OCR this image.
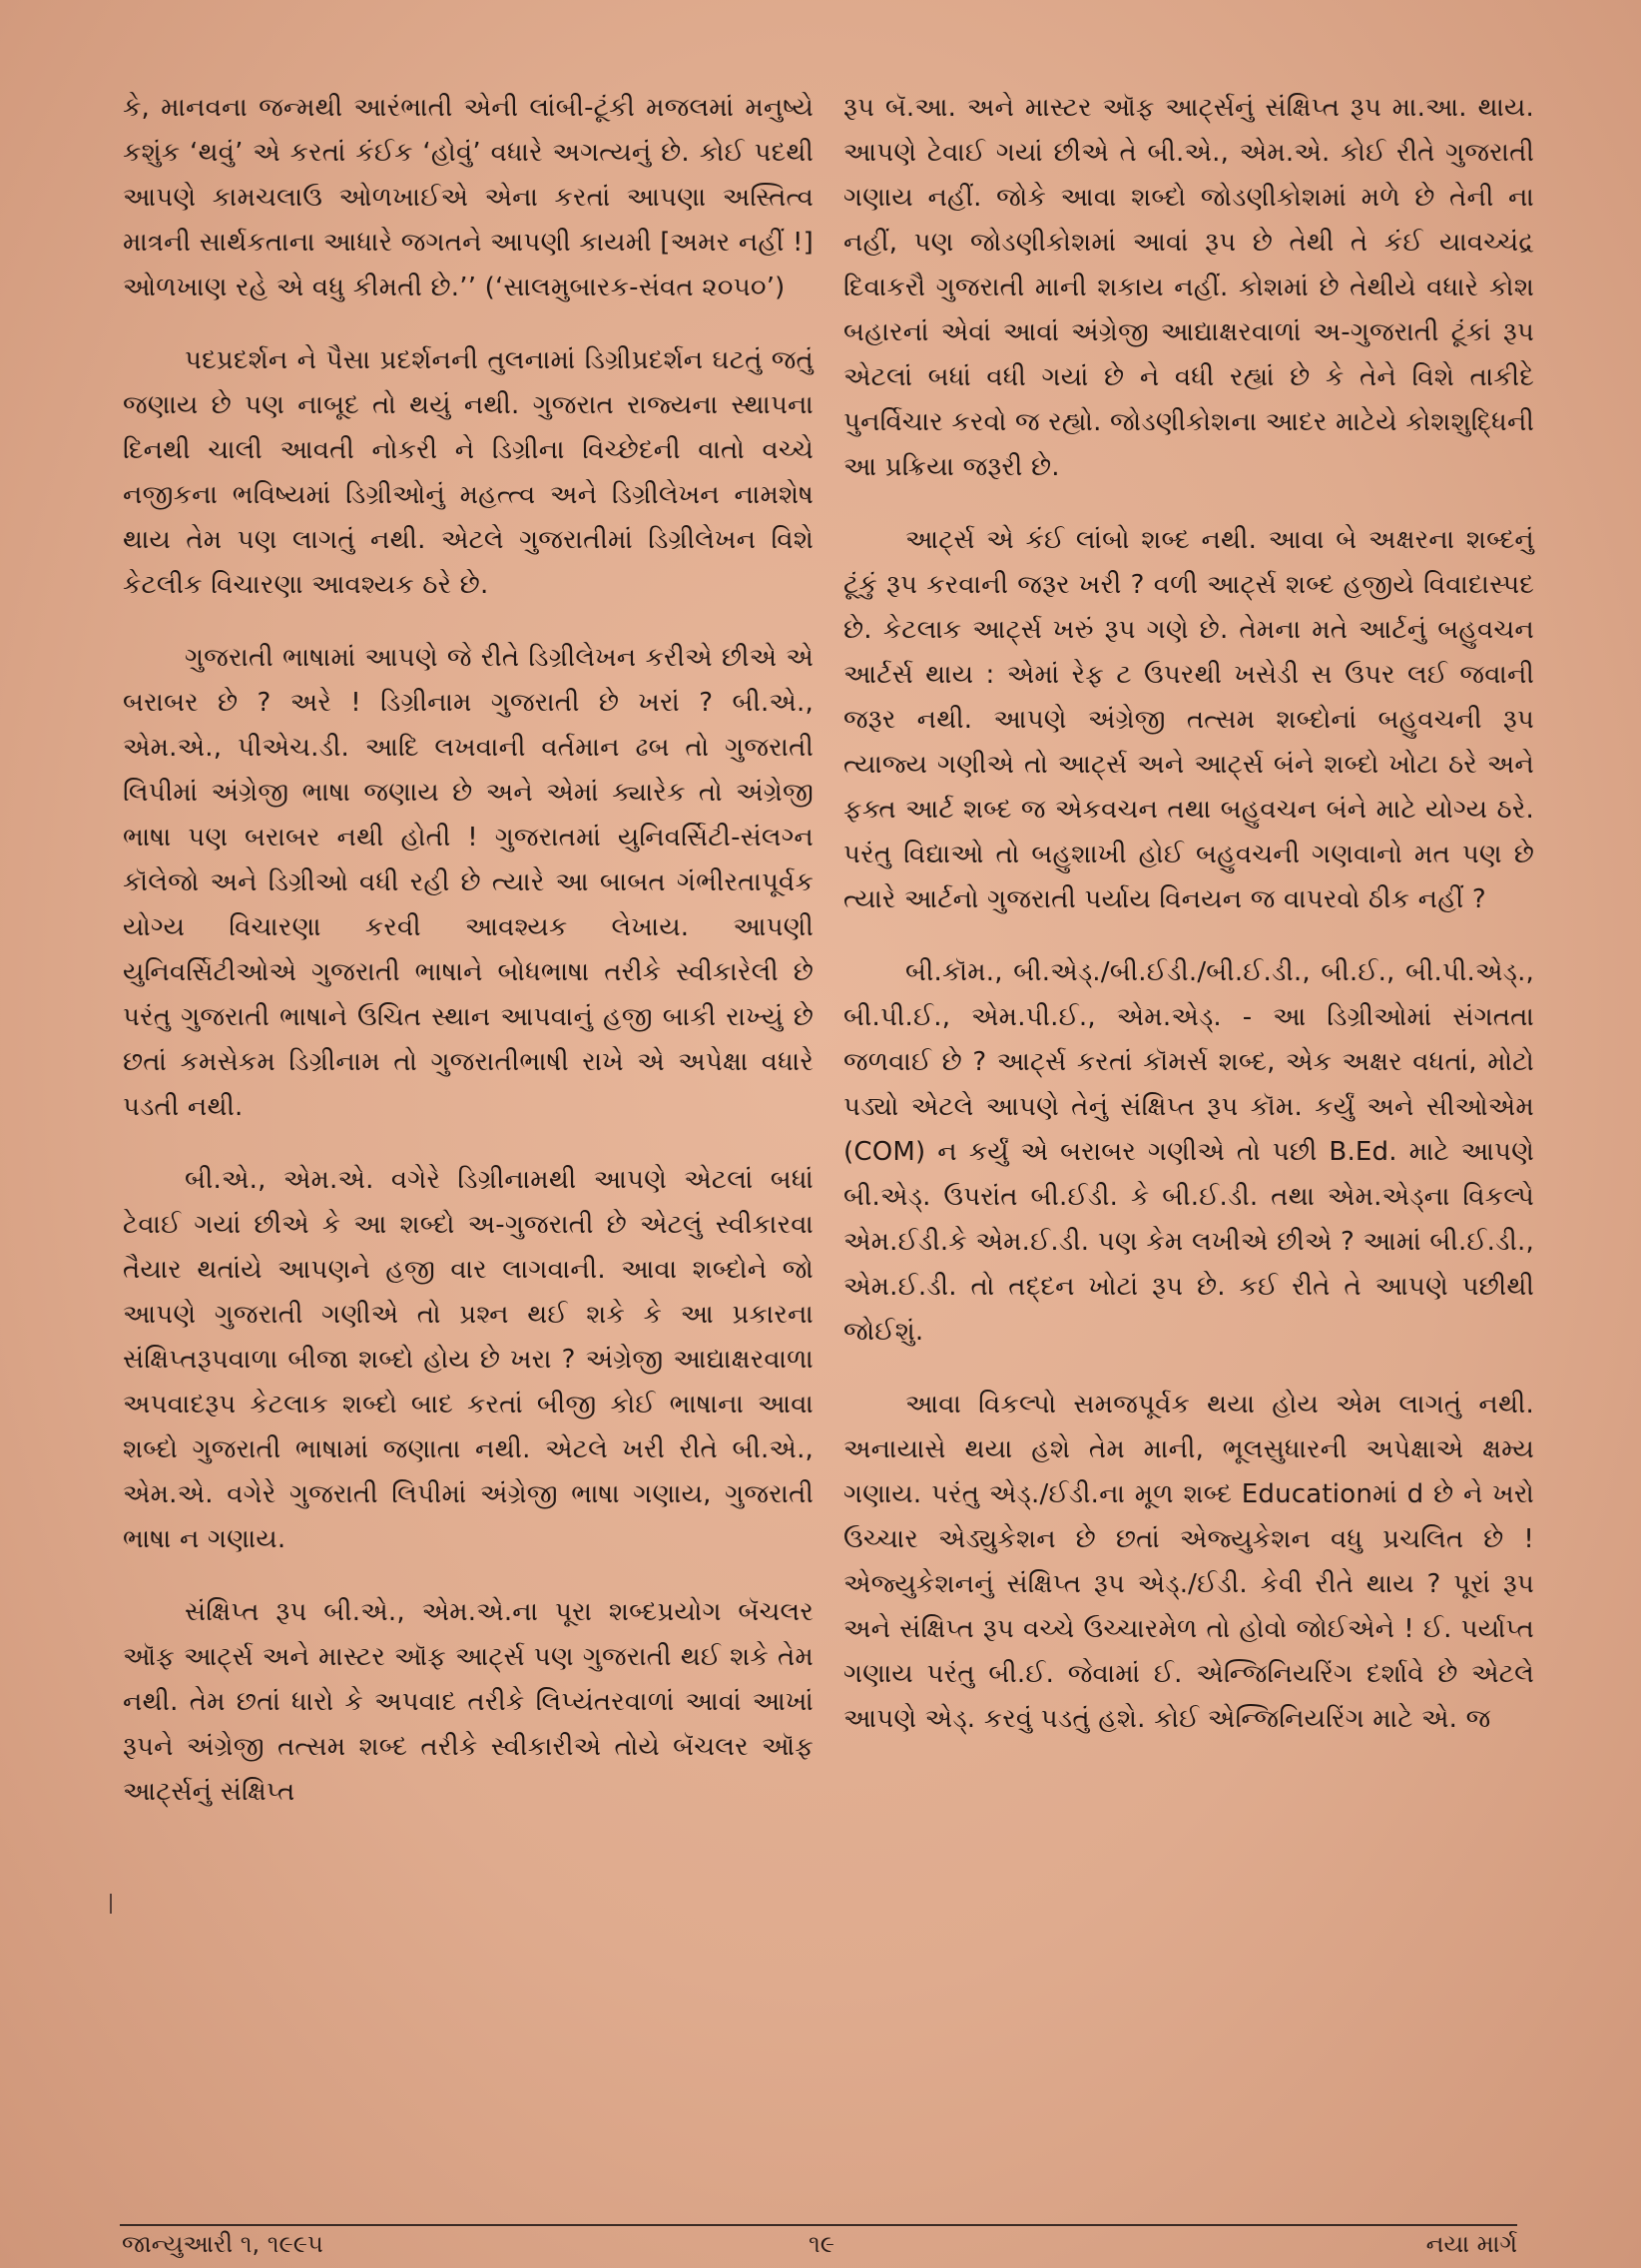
કે, માનવના જન્મથી આરંભાતી એની લાંબી-ટૂંકી મજલમાં મનુષ્યે કશુંક ‘થવું’ એ કરતાં કંઈક ‘હોવું’ વધારે અગત્યનું છે. કોઈ પદથી આપણે કામચલાઉ ઓળખાઈએ એના કરતાં આપણા અસ્તિત્વ માત્રની સાર્થકતાના આધારે જગતને આપણી કાયમી [અમર નહીં !] ઓળખાણ રહે એ વધુ કીમતી છે.’’ (‘સાલમુબારક-સંવત ૨૦૫૦’)

પદપ્રદર્શન ને પૈસા પ્રદર્શનની તુલનામાં ડિગ્રીપ્રદર્શન ઘટતું જતું જણાય છે પણ નાબૂદ તો થયું નથી. ગુજરાત રાજ્યના સ્થાપના દિનથી ચાલી આવતી નોકરી ને ડિગ્રીના વિચ્છેદની વાતો વચ્ચે નજીકના ભવિષ્યમાં ડિગ્રીઓનું મહત્ત્વ અને ડિગ્રીલેખન નામશેષ થાય તેમ પણ લાગતું નથી. એટલે ગુજરાતીમાં ડિગ્રીલેખન વિશે કેટલીક વિચારણા આવશ્યક ઠરે છે.

ગુજરાતી ભાષામાં આપણે જે રીતે ડિગ્રીલેખન કરીએ છીએ એ બરાબર છે ? અરે ! ડિગ્રીનામ ગુજરાતી છે ખરાં ? બી.એ., એમ.એ., પીએચ.ડી. આદિ લખવાની વર્તમાન ઢબ તો ગુજરાતી લિપીમાં અંગ્રેજી ભાષા જણાય છે અને એમાં ક્યારેક તો અંગ્રેજી ભાષા પણ બરાબર નથી હોતી ! ગુજરાતમાં યુનિવર્સિટી-સંલગ્ન કૉલેજો અને ડિગ્રીઓ વધી રહી છે ત્યારે આ બાબત ગંભીરતાપૂર્વક યોગ્ય વિચારણા કરવી આવશ્યક લેખાય. આપણી યુનિવર્સિટીઓએ ગુજરાતી ભાષાને બોધભાષા તરીકે સ્વીકારેલી છે પરંતુ ગુજરાતી ભાષાને ઉચિત સ્થાન આપવાનું હજી બાકી રાખ્યું છે છતાં કમસેકમ ડિગ્રીનામ તો ગુજરાતીભાષી રાખે એ અપેક્ષા વધારે પડતી નથી.

બી.એ., એમ.એ. વગેરે ડિગ્રીનામથી આપણે એટલાં બધાં ટેવાઈ ગયાં છીએ કે આ શબ્દો અ-ગુજરાતી છે એટલું સ્વીકારવા તૈયાર થતાંયે આપણને હજી વાર લાગવાની. આવા શબ્દોને જો આપણે ગુજરાતી ગણીએ તો પ્રશ્ન થઈ શકે કે આ પ્રકારના સંક્ષિપ્તરૂપવાળા બીજા શબ્દો હોય છે ખરા ? અંગ્રેજી આદ્યાક્ષરવાળા અપવાદરૂપ કેટલાક શબ્દો બાદ કરતાં બીજી કોઈ ભાષાના આવા શબ્દો ગુજરાતી ભાષામાં જણાતા નથી. એટલે ખરી રીતે બી.એ., એમ.એ. વગેરે ગુજરાતી લિપીમાં અંગ્રેજી ભાષા ગણાય, ગુજરાતી ભાષા ન ગણાય.

સંક્ષિપ્ત રૂપ બી.એ., એમ.એ.ના પૂરા શબ્દપ્રયોગ બૅચલર ઑફ આર્ટ્સ અને માસ્ટર ઑફ આર્ટ્સ પણ ગુજરાતી થઈ શકે તેમ નથી. તેમ છતાં ધારો કે અપવાદ તરીકે લિપ્યંતરવાળાં આવાં આખાં રૂપને અંગ્રેજી તત્સમ શબ્દ તરીકે સ્વીકારીએ તોયે બૅચલર ઑફ આર્ટ્સનું સંક્ષિપ્ત

રૂપ બૅ.આ. અને માસ્ટર ઑફ આર્ટ્સનું સંક્ષિપ્ત રૂપ મા.આ. થાય. આપણે ટેવાઈ ગયાં છીએ તે બી.એ., એમ.એ. કોઈ રીતે ગુજરાતી ગણાય નહીં. જોકે આવા શબ્દો જોડણીકોશમાં મળે છે તેની ના નહીં, પણ જોડણીકોશમાં આવાં રૂપ છે તેથી તે કંઈ યાવચ્ચંદ્ર દિવાકરૌ ગુજરાતી માની શકાય નહીં. કોશમાં છે તેથીયે વધારે કોશ બહારનાં એવાં આવાં અંગ્રેજી આદ્યાક્ષરવાળાં અ-ગુજરાતી ટૂંકાં રૂપ એટલાં બધાં વધી ગયાં છે ને વધી રહ્યાં છે કે તેને વિશે તાકીદે પુનર્વિચાર કરવો જ રહ્યો. જોડણીકોશના આદર માટેયે કોશશુદ્ધિની આ પ્રક્રિયા જરૂરી છે.

આર્ટ્સ એ કંઈ લાંબો શબ્દ નથી. આવા બે અક્ષરના શબ્દનું ટૂંકું રૂપ કરવાની જરૂર ખરી ? વળી આર્ટ્સ શબ્દ હજીયે વિવાદાસ્પદ છે. કેટલાક આર્ટ્સ ખરું રૂપ ગણે છે. તેમના મતે આર્ટનું બહુવચન આર્ટર્સ થાય : એમાં રેફ ટ ઉપરથી ખસેડી સ ઉપર લઈ જવાની જરૂર નથી. આપણે અંગ્રેજી તત્સમ શબ્દોનાં બહુવચની રૂપ ત્યાજ્ય ગણીએ તો આર્ટ્સ અને આર્ટ્સ બંને શબ્દો ખોટા ઠરે અને ફક્ત આર્ટ શબ્દ જ એકવચન તથા બહુવચન બંને માટે યોગ્ય ઠરે. પરંતુ વિદ્યાઓ તો બહુશાખી હોઈ બહુવચની ગણવાનો મત પણ છે ત્યારે આર્ટનો ગુજરાતી પર્યાય વિનયન જ વાપરવો ઠીક નહીં ?

બી.કૉમ., બી.એડ્./બી.ઈડી./બી.ઈ.ડી., બી.ઈ., બી.પી.એડ્., બી.પી.ઈ., એમ.પી.ઈ., એમ.એડ્. - આ ડિગ્રીઓમાં સંગતતા જળવાઈ છે ? આર્ટ્સ કરતાં કૉમર્સ શબ્દ, એક અક્ષર વધતાં, મોટો પડ્યો એટલે આપણે તેનું સંક્ષિપ્ત રૂપ કૉમ. કર્યું અને સીઓએમ (COM) ન કર્યું એ બરાબર ગણીએ તો પછી B.Ed. માટે આપણે બી.એડ્. ઉપરાંત બી.ઈડી. કે બી.ઈ.ડી. તથા એમ.એડ્ના વિકલ્પે એમ.ઈડી.કે એમ.ઈ.ડી. પણ કેમ લખીએ છીએ ? આમાં બી.ઈ.ડી., એમ.ઈ.ડી. તો તદ્દન ખોટાં રૂપ છે. કઈ રીતે તે આપણે પછીથી જોઈશું.

આવા વિકલ્પો સમજપૂર્વક થયા હોય એમ લાગતું નથી. અનાયાસે થયા હશે તેમ માની, ભૂલસુધારની અપેક્ષાએ ક્ષમ્ય ગણાય. પરંતુ એડ્./ઈડી.ના મૂળ શબ્દ Educationમાં d છે ને ખરો ઉચ્ચાર એડ્યુકેશન છે છતાં એજ્યુકેશન વધુ પ્રચલિત છે ! એજ્યુકેશનનું સંક્ષિપ્ત રૂપ એડ્./ઈડી. કેવી રીતે થાય ? પૂરાં રૂપ અને સંક્ષિપ્ત રૂપ વચ્ચે ઉચ્ચારમેળ તો હોવો જોઈએને ! ઈ. પર્યાપ્ત ગણાય પરંતુ બી.ઈ. જેવામાં ઈ. એન્જિનિયરિંગ દર્શાવે છે એટલે આપણે એડ્. કરવું પડતું હશે. કોઈ એન્જિનિયરિંગ માટે એ. જ

જાન્યુઆરી ૧, ૧૯૯૫	૧૯	નયા માર્ગ
